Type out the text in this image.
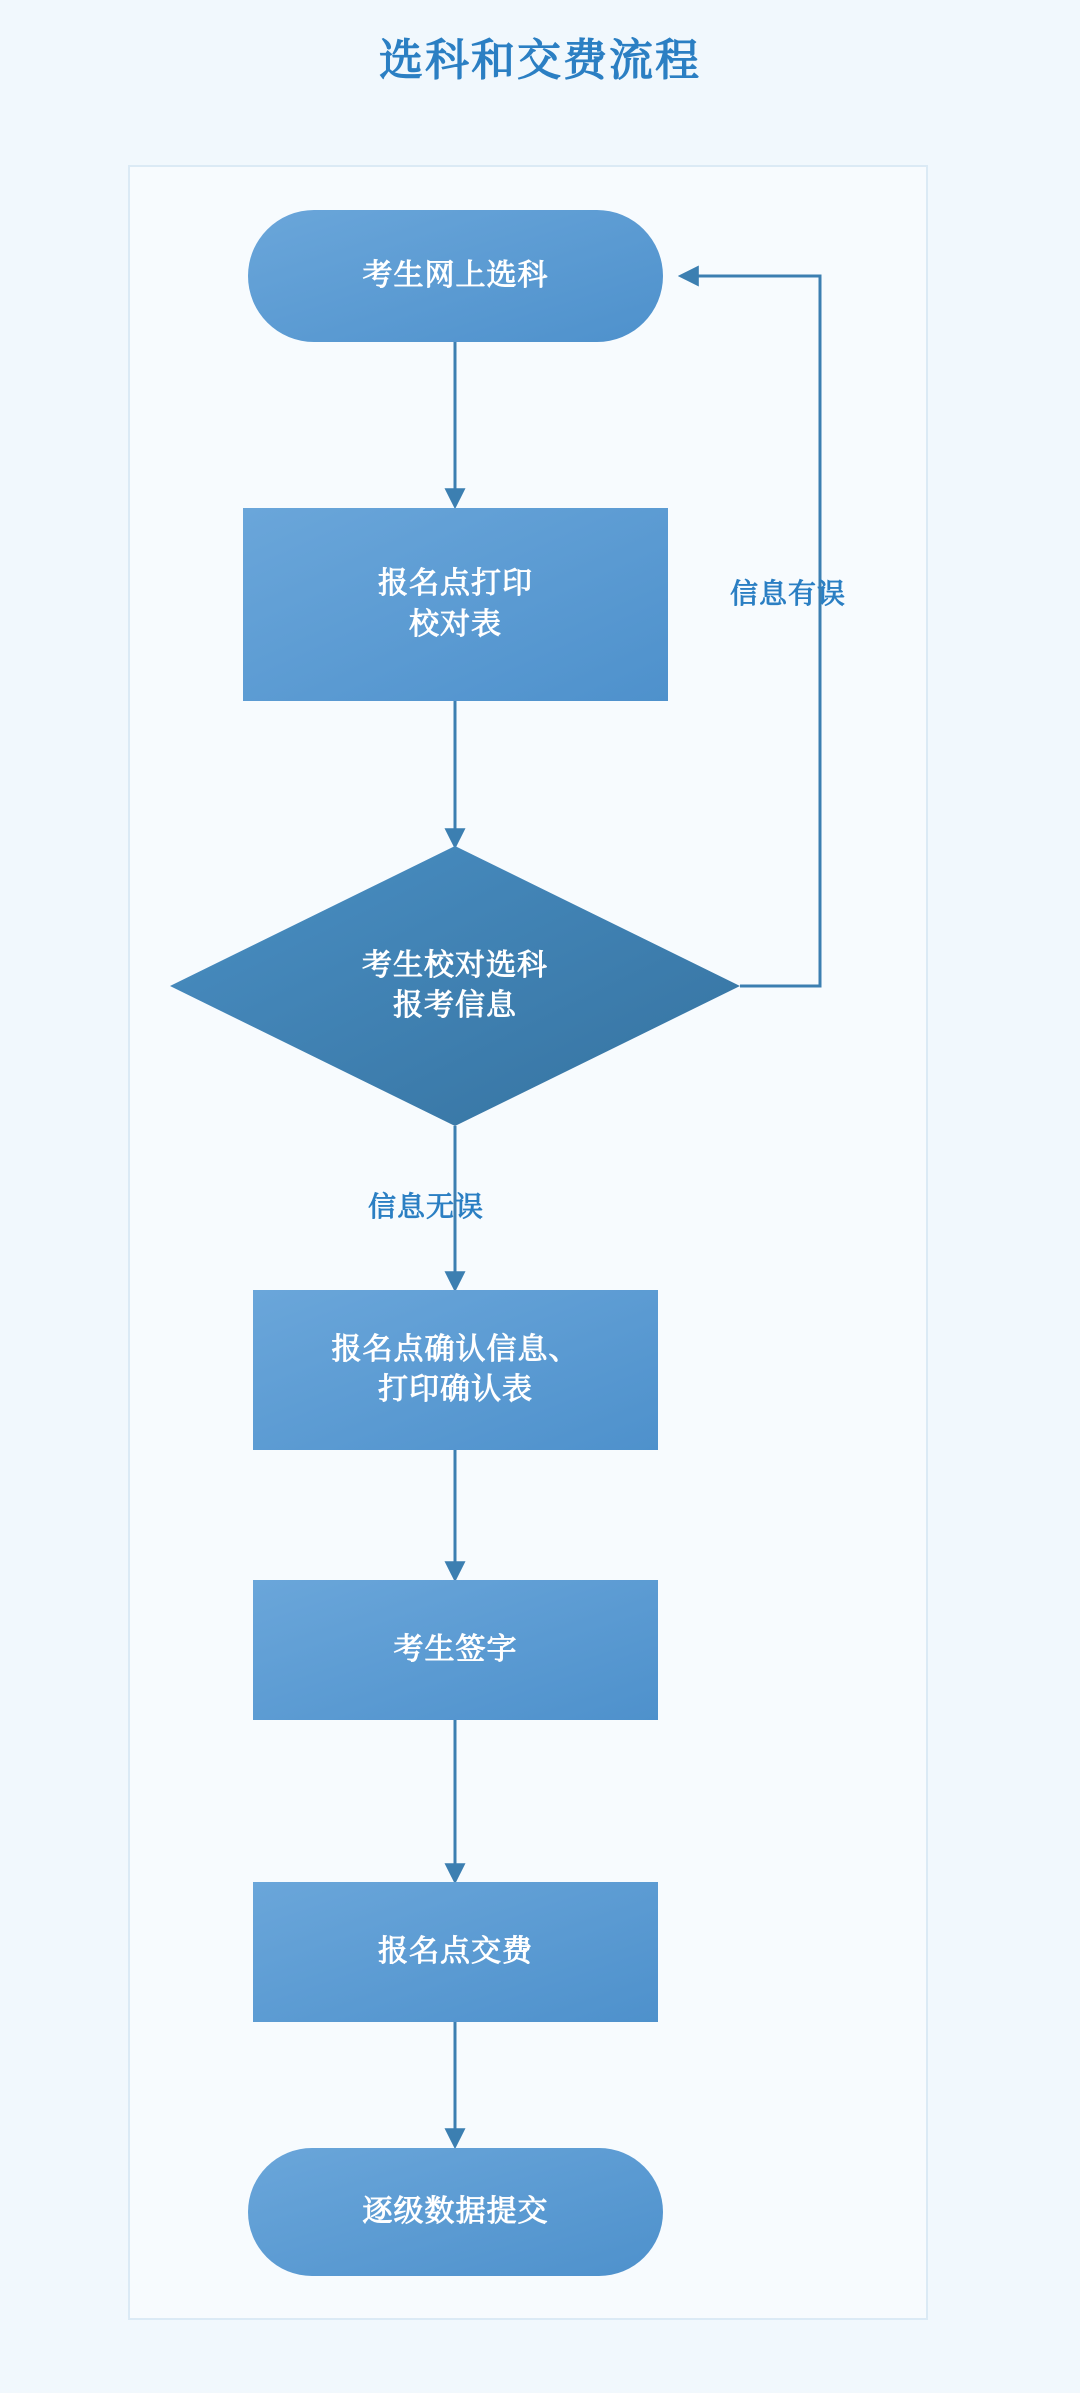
选科和交费流程
考生网上选科
报名点打印
校对表
考生校对选科
报考信息
报名点确认信息、
打印确认表
考生签字
报名点交费
逐级数据提交
信息有误
信息无误
